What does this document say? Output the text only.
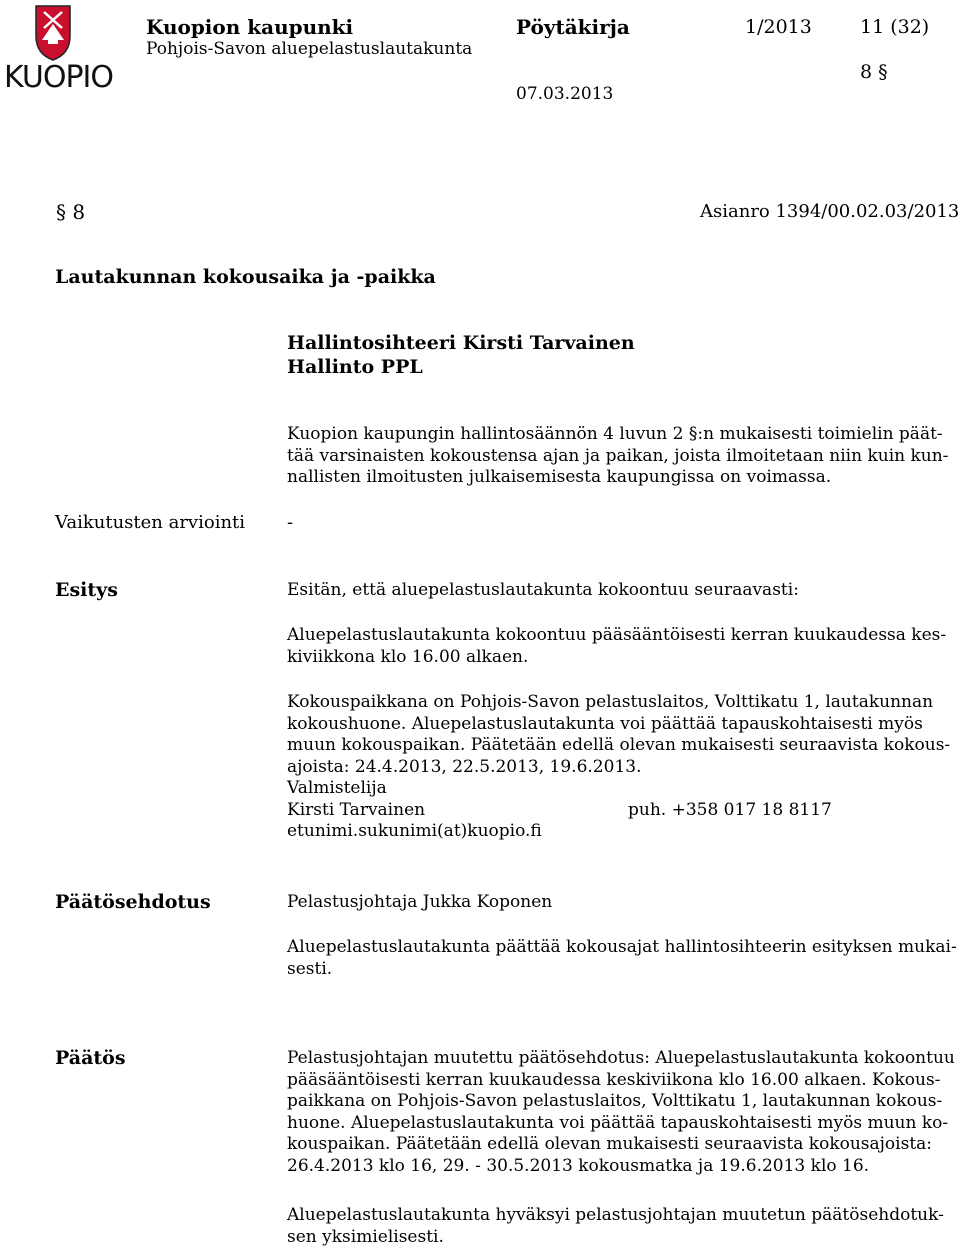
KUOPIO
Kuopion kaupunki
Pohjois-Savon aluepelastuslautakunta
Pöytäkirja	1/2013	11 (32)
8 §
07.03.2013
§ 8	Asianro 1394/00.02.03/2013
Lautakunnan kokousaika ja -paikka
Hallintosihteeri Kirsti Tarvainen
Hallinto PPL
Kuopion kaupungin hallintosäännön 4 luvun 2 §:n mukaisesti toimielin päät-
tää varsinaisten kokoustensa ajan ja paikan, joista ilmoitetaan niin kuin kun-
nallisten ilmoitusten julkaisemisesta kaupungissa on voimassa.
Vaikutusten arviointi -
Esitys	Esitän, että aluepelastuslautakunta kokoontuu seuraavasti:
Aluepelastuslautakunta kokoontuu pääsääntöisesti kerran kuukaudessa kes-
kiviikkona klo 16.00 alkaen.
Kokouspaikkana on Pohjois-Savon pelastuslaitos, Volttikatu 1, lautakunnan
kokoushuone. Aluepelastuslautakunta voi päättää tapauskohtaisesti myös
muun kokouspaikan. Päätetään edellä olevan mukaisesti seuraavista kokous-
ajoista: 24.4.2013, 22.5.2013, 19.6.2013.
Valmistelija
Kirsti Tarvainen	puh. +358 017 18 8117
etunimi.sukunimi(at)kuopio.fi
Päätösehdotus	Pelastusjohtaja Jukka Koponen
Aluepelastuslautakunta päättää kokousajat hallintosihteerin esityksen mukai-
sesti.
Päätös	Pelastusjohtajan muutettu päätösehdotus: Aluepelastuslautakunta kokoontuu
pääsääntöisesti kerran kuukaudessa keskiviikona klo 16.00 alkaen. Kokous-
paikkana on Pohjois-Savon pelastuslaitos, Volttikatu 1, lautakunnan kokous-
huone. Aluepelastuslautakunta voi päättää tapauskohtaisesti myös muun ko-
kouspaikan. Päätetään edellä olevan mukaisesti seuraavista kokousajoista:
26.4.2013 klo 16, 29. - 30.5.2013 kokousmatka ja 19.6.2013 klo 16.
Aluepelastuslautakunta hyväksyi pelastusjohtajan muutetun päätösehdotuk-
sen yksimielisesti.
